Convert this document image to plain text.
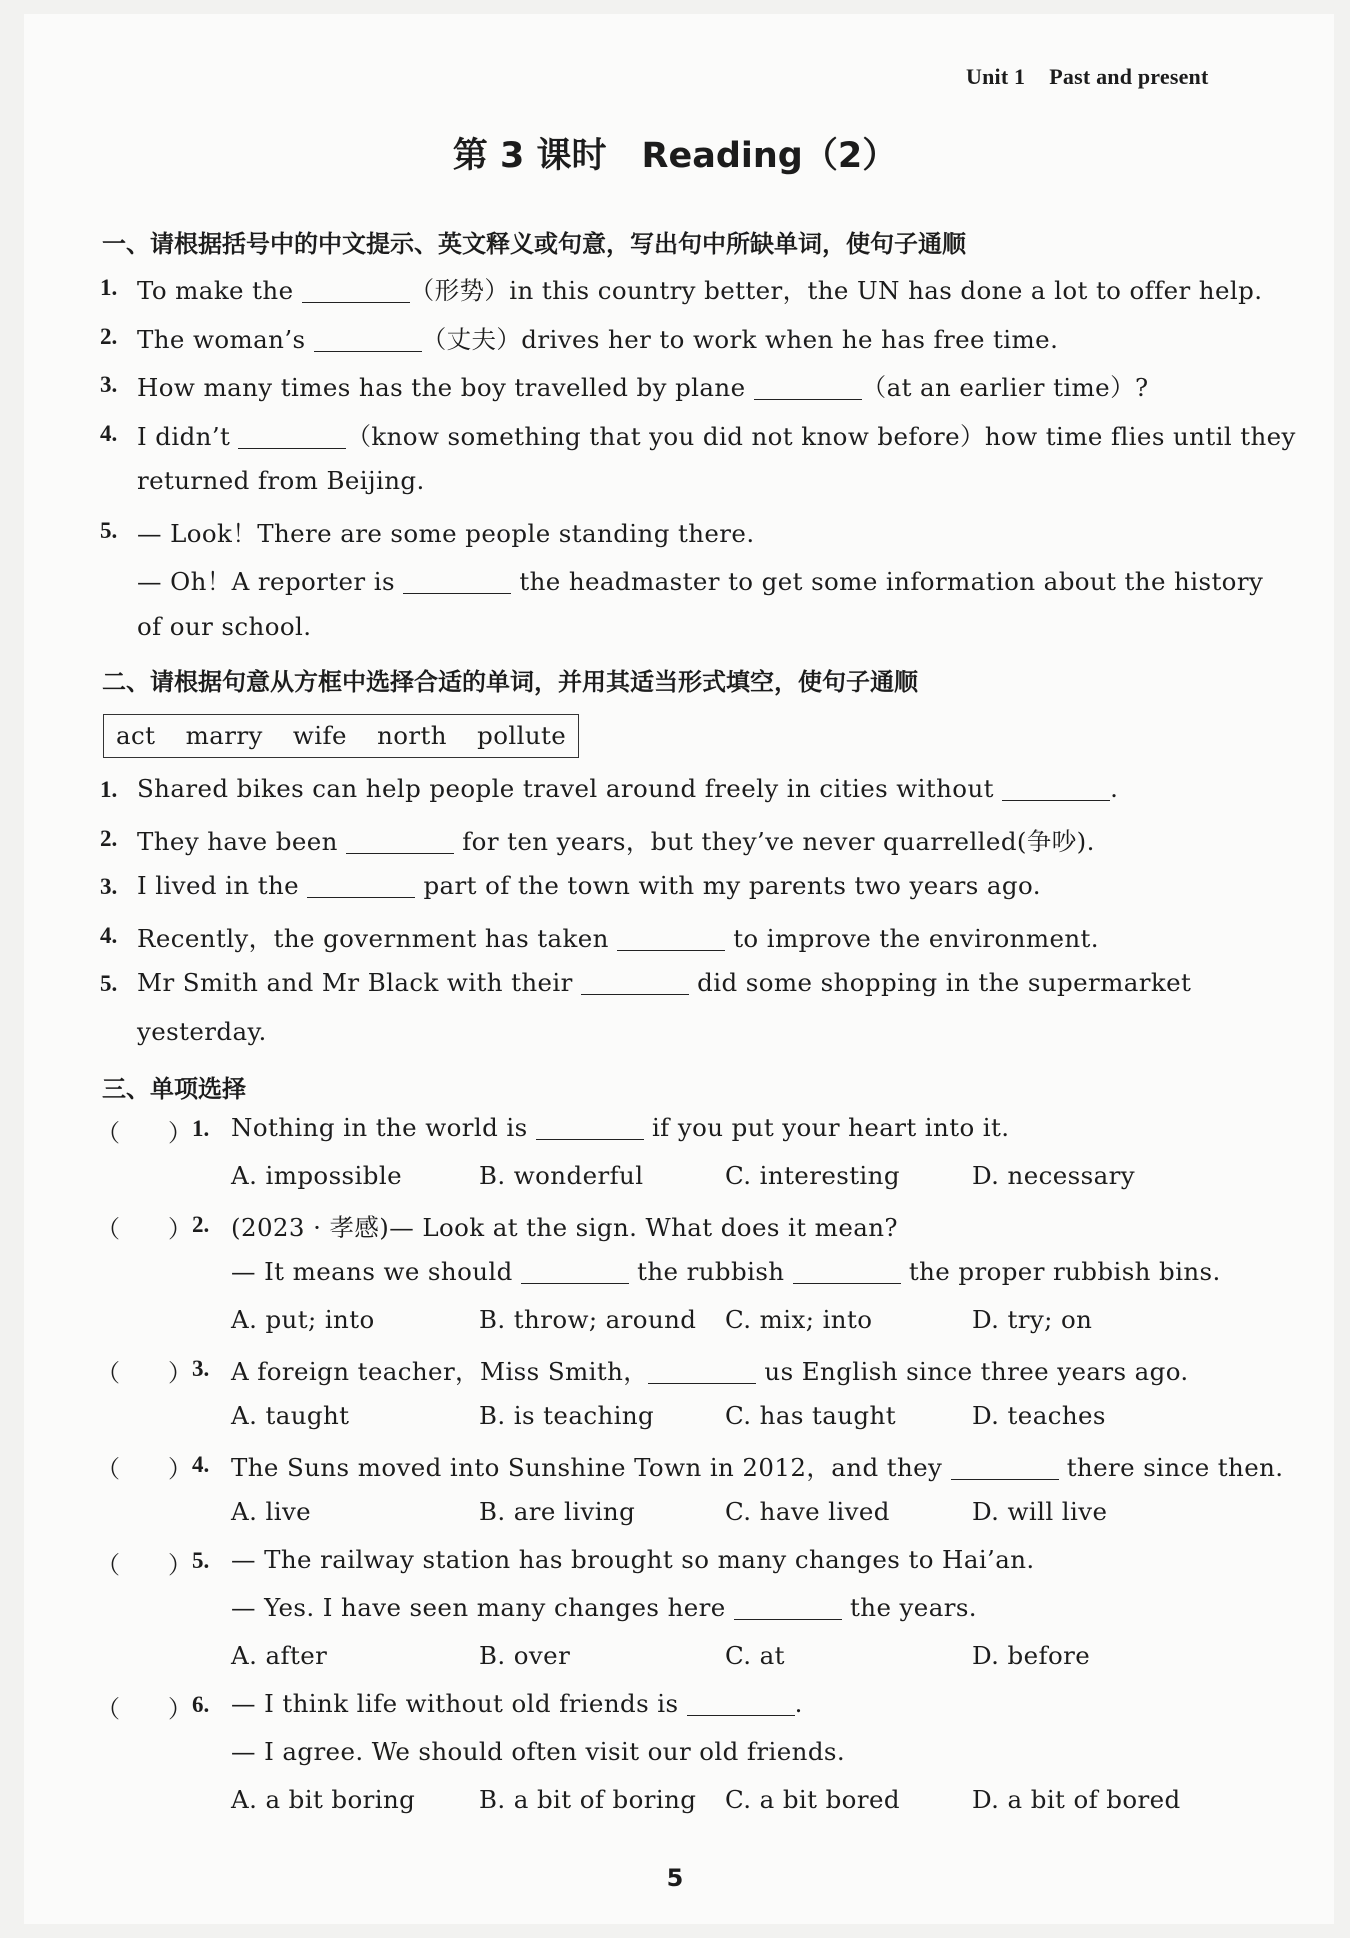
Unit 1 Past and present
第 3 课时　Reading（2）
一、请根据括号中的中文提示、英文释义或句意，写出句中所缺单词，使句子通顺
1. To make the	（形势）in this country better，the UN has done a lot to offer help.
2. The woman’s	（丈夫）drives her to work when he has free time.
3. How many times has the boy travelled by plane	（at an earlier time）?
4. I didn’t	（know something that you did not know before）how time flies until they
returned from Beijing.
5. — Look！There are some people standing there.
— Oh！A reporter is	the headmaster to get some information about the history
of our school.
二、请根据句意从方框中选择合适的单词，并用其适当形式填空，使句子通顺
act marry wife north pollute
1. Shared bikes can help people travel around freely in cities without	.
2. They have been	for ten years，but they’ve never quarrelled(争吵).
3. I lived in the	part of the town with my parents two years ago.
4. Recently，the government has taken	to improve the environment.
5. Mr Smith and Mr Black with their	did some shopping in the supermarket
yesterday.
三、单项选择
（　　） 1. Nothing in the world is	if you put your heart into it.
A. impossible	B. wonderful	C. interesting	D. necessary
（　　） 2. (2023 · 孝感)— Look at the sign. What does it mean?
— It means we should	the rubbish	the proper rubbish bins.
A. put; into	B. throw; around C. mix; into	D. try; on
（　　） 3. A foreign teacher，Miss Smith，	us English since three years ago.
A. taught	B. is teaching	C. has taught	D. teaches
（　　） 4. The Suns moved into Sunshine Town in 2012，and they	there since then.
A. live	B. are living	C. have lived	D. will live
（　　） 5. — The railway station has brought so many changes to Hai’an.
— Yes. I have seen many changes here	the years.
A. after	B. over	C. at	D. before
（　　） 6. — I think life without old friends is	.
— I agree. We should often visit our old friends.
A. a bit boring	B. a bit of boring C. a bit bored	D. a bit of bored
5
